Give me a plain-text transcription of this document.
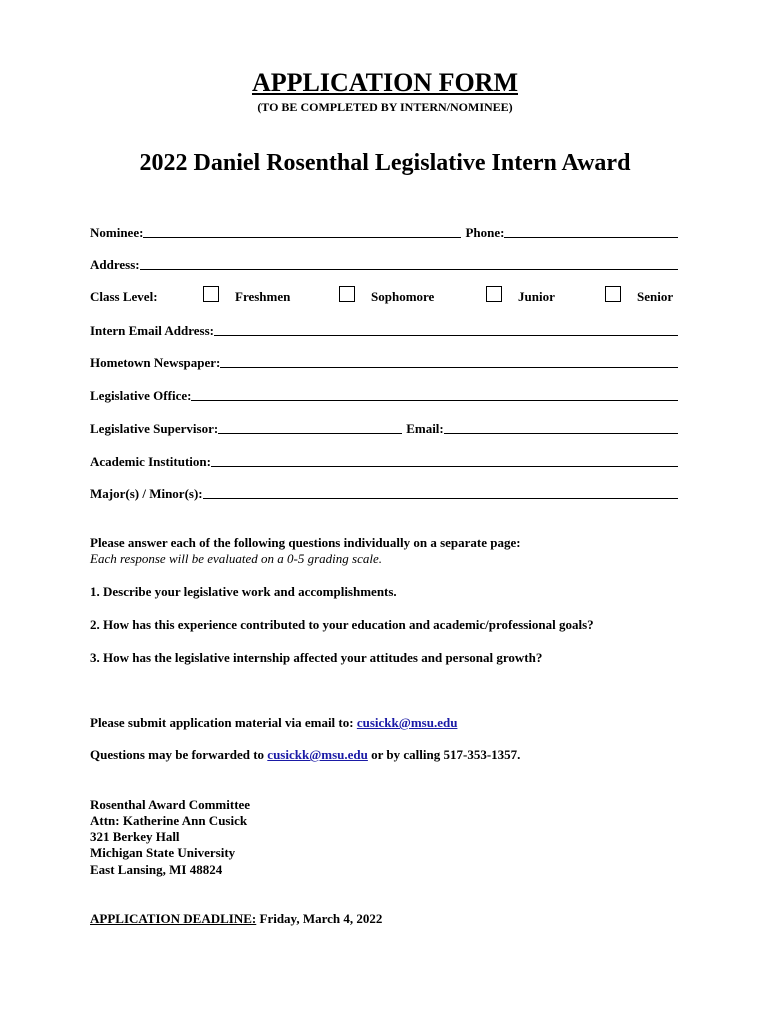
APPLICATION FORM
(TO BE COMPLETED BY INTERN/NOMINEE)
2022 Daniel Rosenthal Legislative Intern Award
Nominee:	Phone:
Address:
Class Level:	Freshmen	Sophomore	Junior	Senior
Intern Email Address:
Hometown Newspaper:
Legislative Office:
Legislative Supervisor:	Email:
Academic Institution:
Major(s) / Minor(s):
Please answer each of the following questions individually on a separate page:
Each response will be evaluated on a 0-5 grading scale.
1. Describe your legislative work and accomplishments.
2. How has this experience contributed to your education and academic/professional goals?
3. How has the legislative internship affected your attitudes and personal growth?
Please submit application material via email to: cusickk@msu.edu
Questions may be forwarded to cusickk@msu.edu or by calling 517-353-1357.
Rosenthal Award Committee
Attn: Katherine Ann Cusick
321 Berkey Hall
Michigan State University
East Lansing, MI 48824
APPLICATION DEADLINE: Friday, March 4, 2022
